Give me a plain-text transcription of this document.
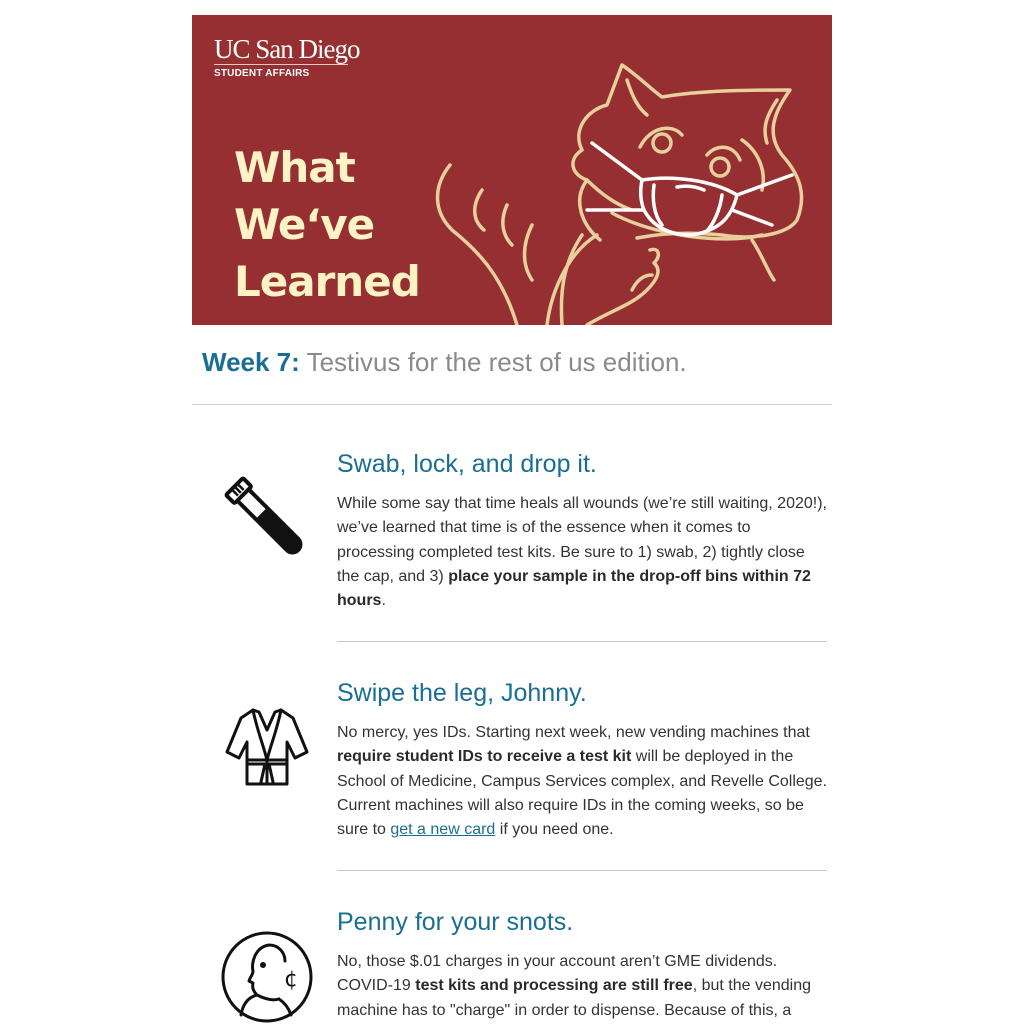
UC San Diego
STUDENT AFFAIRS
What
We‘ve
Learned
Week 7: Testivus for the rest of us edition.
Swab, lock, and drop it.

While some say that time heals all wounds (we’re still waiting, 2020!), we’ve learned that time is of the essence when it comes to processing completed test kits. Be sure to 1) swab, 2) tightly close the cap, and 3) place your sample in the drop-off bins within 72 hours.

Swipe the leg, Johnny.

No mercy, yes IDs. Starting next week, new vending machines that require student IDs to receive a test kit will be deployed in the School of Medicine, Campus Services complex, and Revelle College. Current machines will also require IDs in the coming weeks, so be sure to get a new card if you need one.

¢
Penny for your snots.

No, those $.01 charges in your account aren’t GME dividends. COVID-19 test kits and processing are still free, but the vending machine has to "charge" in order to dispense. Because of this, a
